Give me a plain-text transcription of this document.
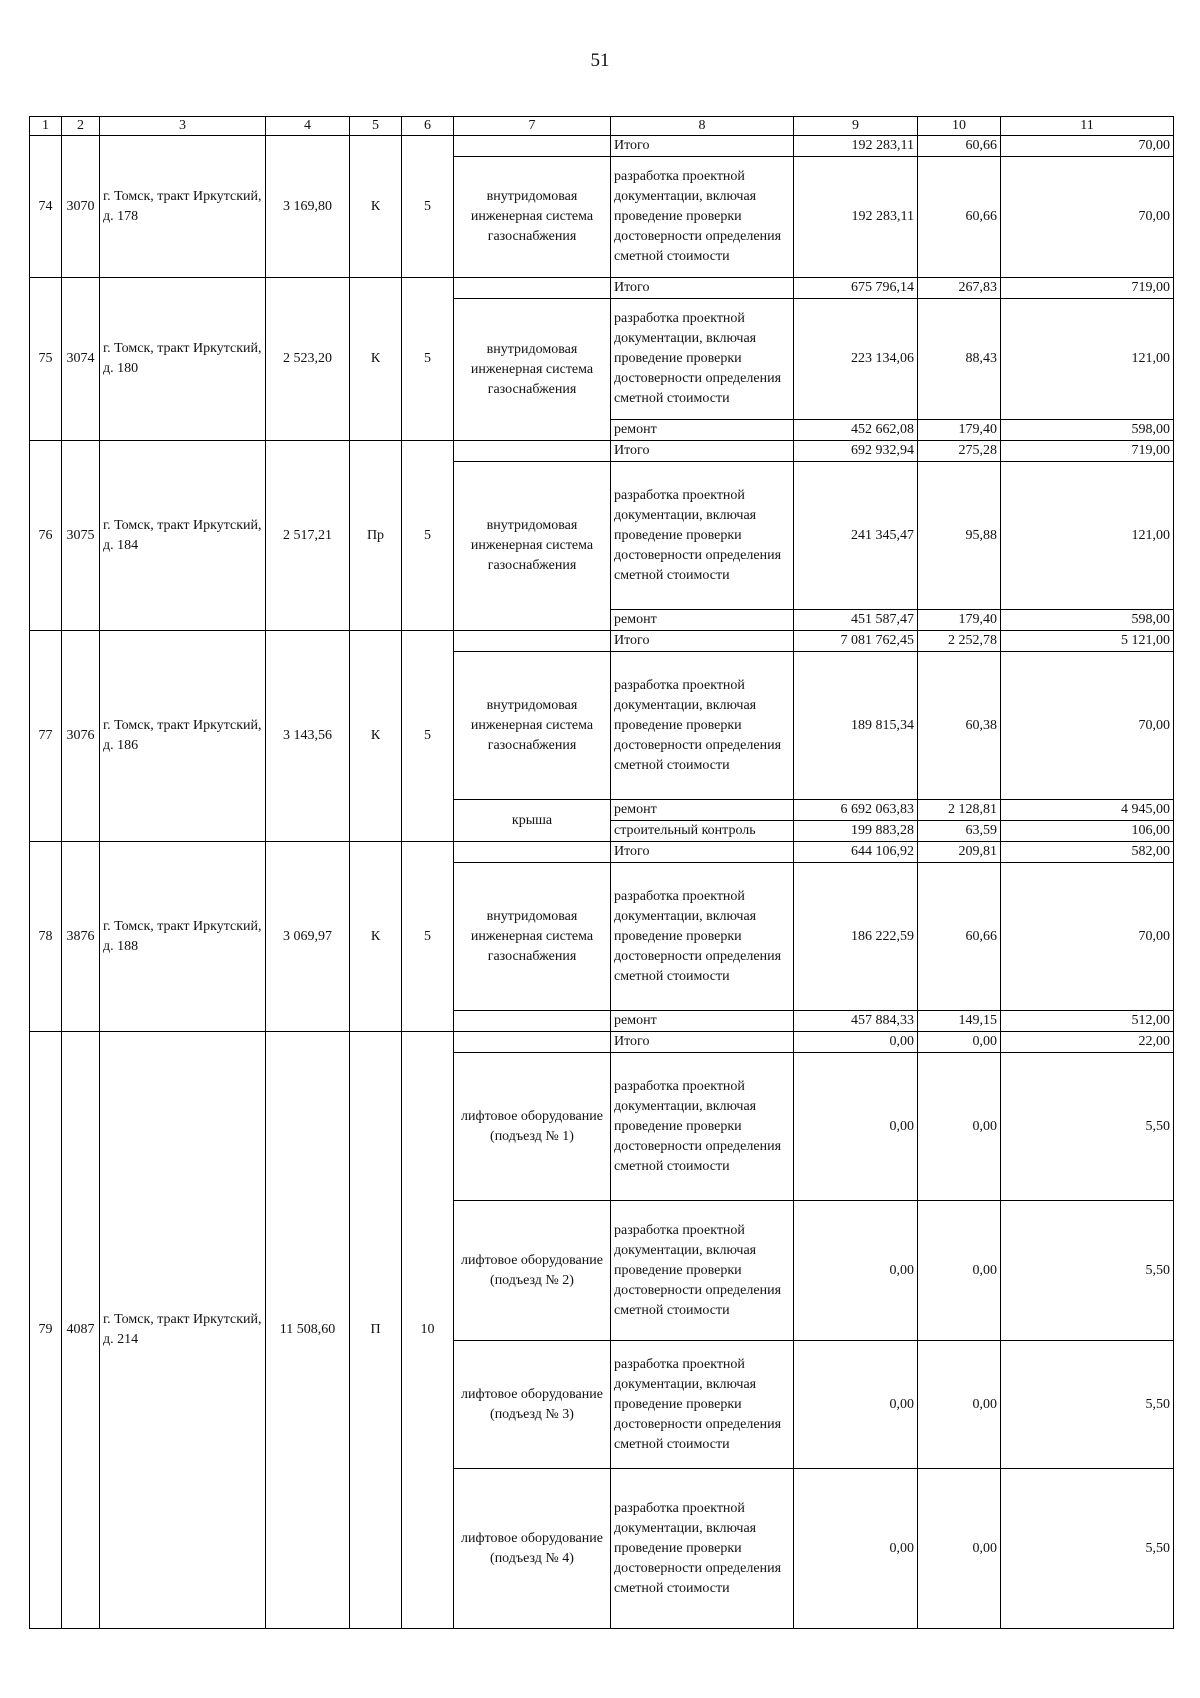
51
1	2	3	4	5	6	7	8	9	10	11
74	3070	г. Томск, тракт Иркутский, д. 178	3 169,80	К	5		Итого	192 283,11	60,66	70,00
						внутридомовая инженерная система газоснабжения	разработка проектной документации, включая проведение проверки достоверности определения сметной стоимости	192 283,11	60,66	70,00
75	3074	г. Томск, тракт Иркутский, д. 180	2 523,20	К	5		Итого	675 796,14	267,83	719,00
						внутридомовая инженерная система газоснабжения	разработка проектной документации, включая проведение проверки достоверности определения сметной стоимости	223 134,06	88,43	121,00
							ремонт	452 662,08	179,40	598,00
76	3075	г. Томск, тракт Иркутский, д. 184	2 517,21	Пр	5		Итого	692 932,94	275,28	719,00
						внутридомовая инженерная система газоснабжения	разработка проектной документации, включая проведение проверки достоверности определения сметной стоимости	241 345,47	95,88	121,00
							ремонт	451 587,47	179,40	598,00
77	3076	г. Томск, тракт Иркутский, д. 186	3 143,56	К	5		Итого	7 081 762,45	2 252,78	5 121,00
						внутридомовая инженерная система газоснабжения	разработка проектной документации, включая проведение проверки достоверности определения сметной стоимости	189 815,34	60,38	70,00
						крыша	ремонт	6 692 063,83	2 128,81	4 945,00
							строительный контроль	199 883,28	63,59	106,00
78	3876	г. Томск, тракт Иркутский, д. 188	3 069,97	К	5		Итого	644 106,92	209,81	582,00
						внутридомовая инженерная система газоснабжения	разработка проектной документации, включая проведение проверки достоверности определения сметной стоимости	186 222,59	60,66	70,00
							ремонт	457 884,33	149,15	512,00
79	4087	г. Томск, тракт Иркутский, д. 214	11 508,60	П	10		Итого	0,00	0,00	22,00
						лифтовое оборудование (подъезд № 1)	разработка проектной документации, включая проведение проверки достоверности определения сметной стоимости	0,00	0,00	5,50
						лифтовое оборудование (подъезд № 2)	разработка проектной документации, включая проведение проверки достоверности определения сметной стоимости	0,00	0,00	5,50
						лифтовое оборудование (подъезд № 3)	разработка проектной документации, включая проведение проверки достоверности определения сметной стоимости	0,00	0,00	5,50
						лифтовое оборудование (подъезд № 4)	разработка проектной документации, включая проведение проверки достоверности определения сметной стоимости	0,00	0,00	5,50
